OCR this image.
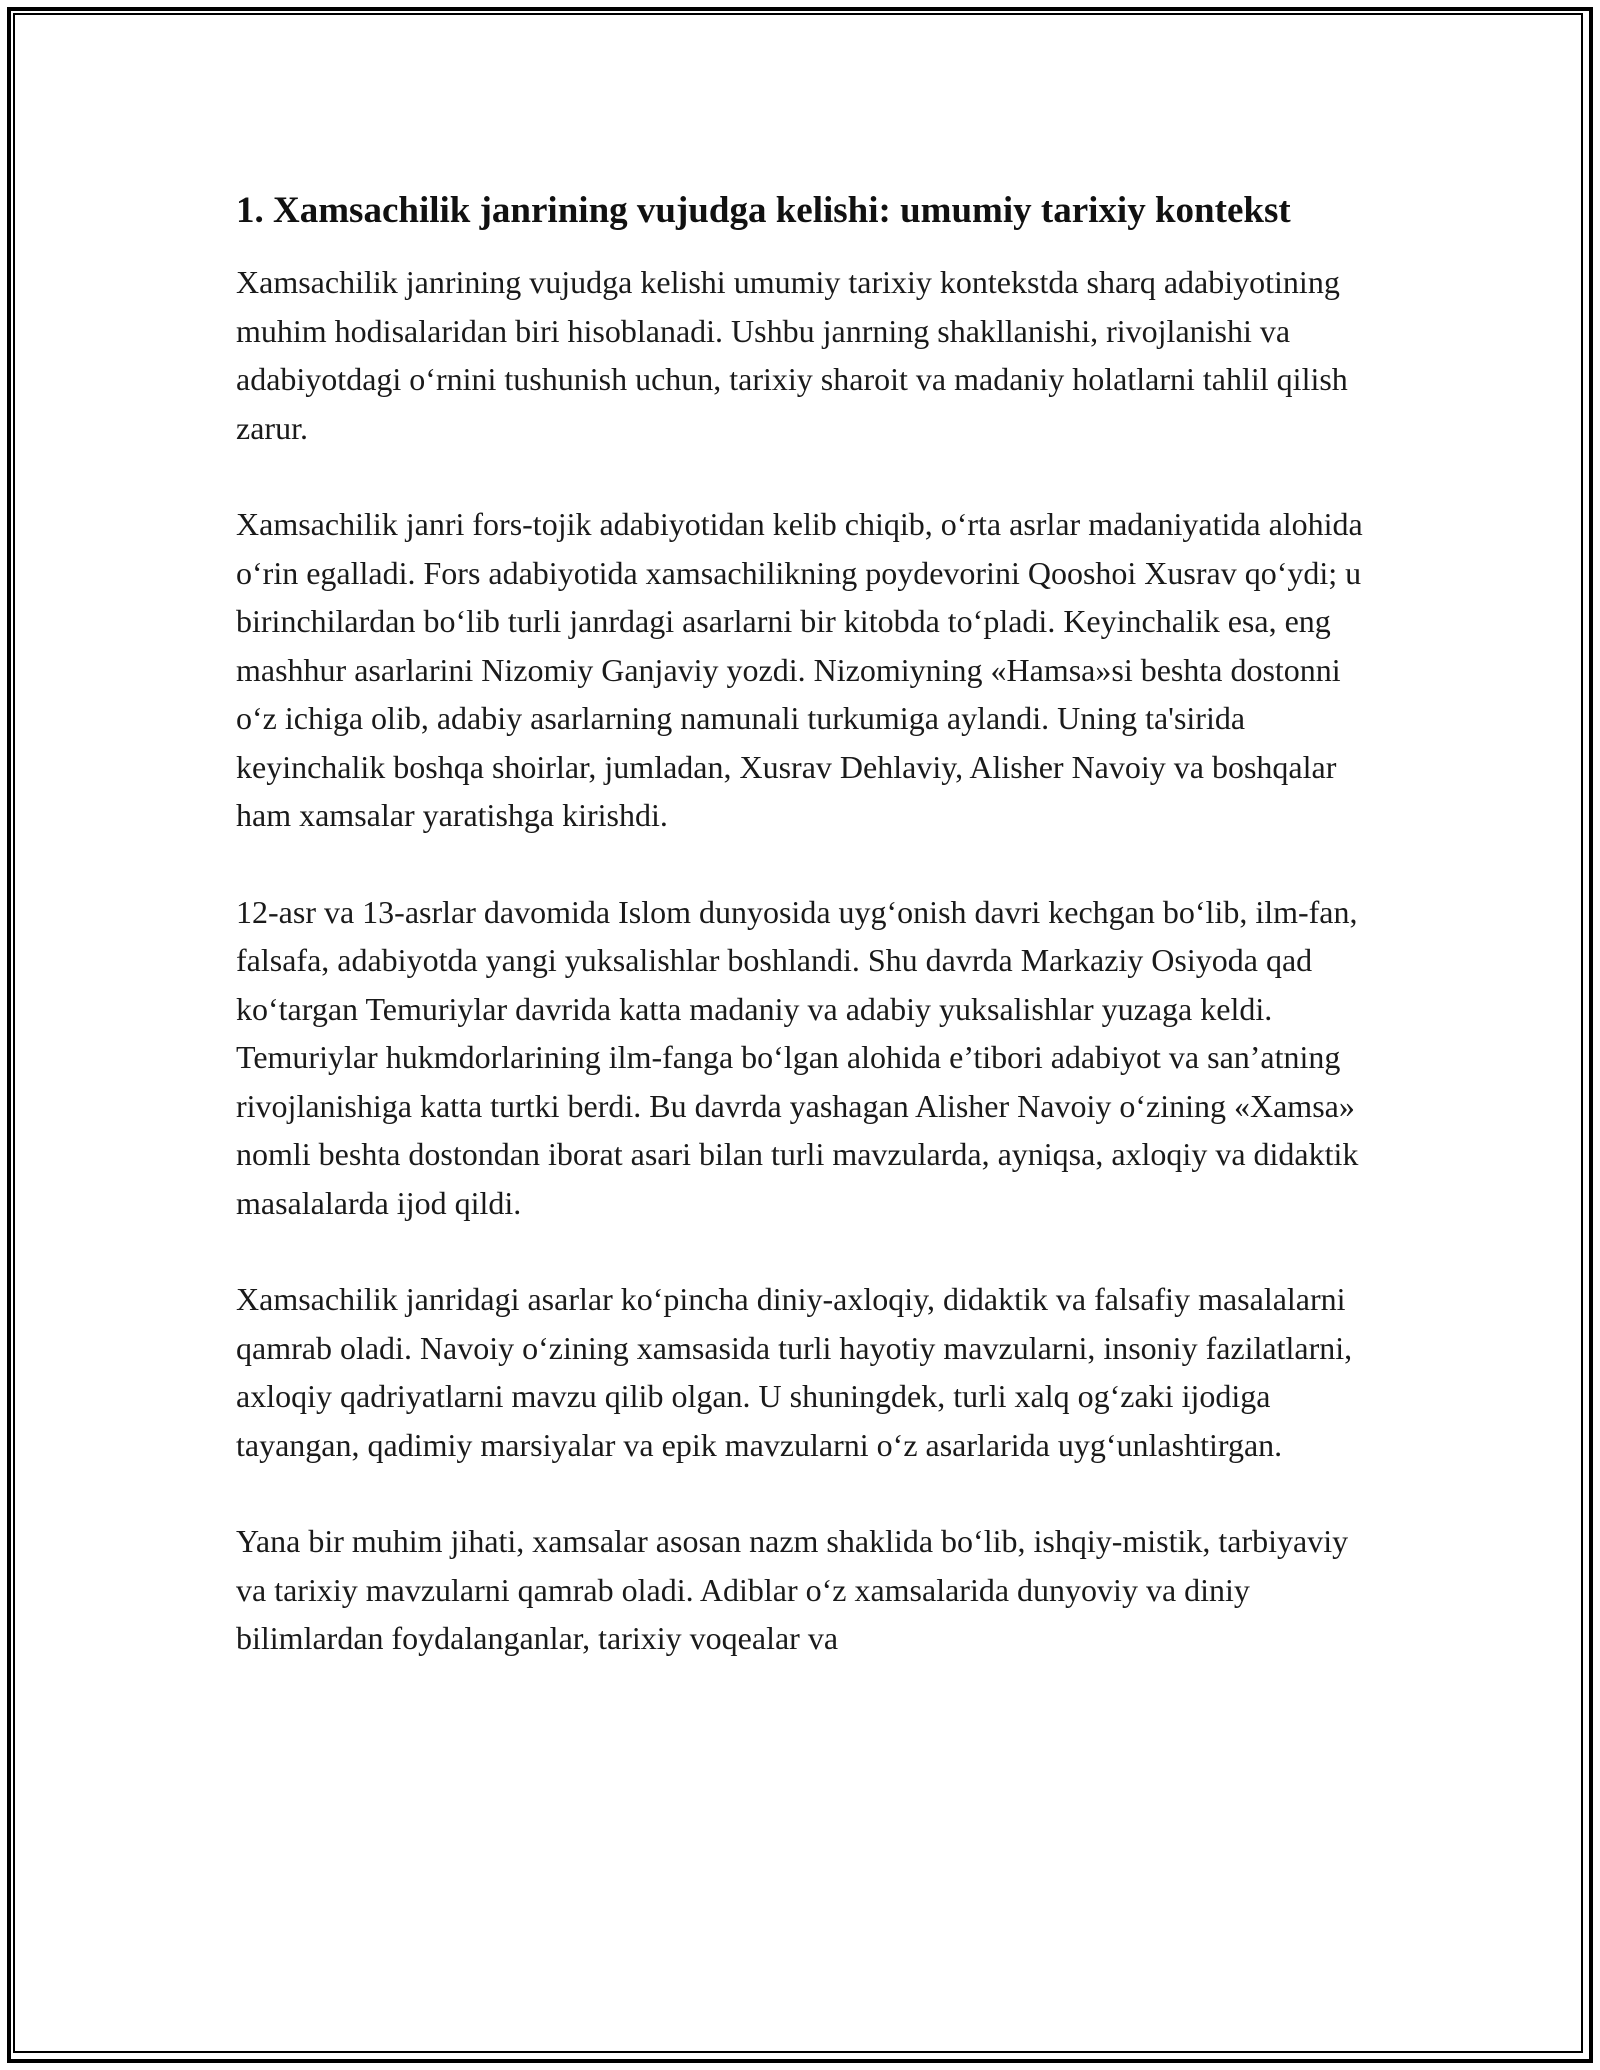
1. Xamsachilik janrining vujudga kelishi: umumiy tarixiy kontekst

Xamsachilik janrining vujudga kelishi umumiy tarixiy kontekstda sharq adabiyotining muhim hodisalaridan biri hisoblanadi. Ushbu janrning shakllanishi, rivojlanishi va adabiyotdagi o‘rnini tushunish uchun, tarixiy sharoit va madaniy holatlarni tahlil qilish zarur.

Xamsachilik janri fors-tojik adabiyotidan kelib chiqib, o‘rta asrlar madaniyatida alohida o‘rin egalladi. Fors adabiyotida xamsachilikning poydevorini Qooshoi Xusrav qo‘ydi; u birinchilardan bo‘lib turli janrdagi asarlarni bir kitobda to‘pladi. Keyinchalik esa, eng mashhur asarlarini Nizomiy Ganjaviy yozdi. Nizomiyning «Hamsa»si beshta dostonni o‘z ichiga olib, adabiy asarlarning namunali turkumiga aylandi. Uning ta'sirida keyinchalik boshqa shoirlar, jumladan, Xusrav Dehlaviy, Alisher Navoiy va boshqalar ham xamsalar yaratishga kirishdi.

12-asr va 13-asrlar davomida Islom dunyosida uyg‘onish davri kechgan bo‘lib, ilm-fan, falsafa, adabiyotda yangi yuksalishlar boshlandi. Shu davrda Markaziy Osiyoda qad ko‘targan Temuriylar davrida katta madaniy va adabiy yuksalishlar yuzaga keldi. Temuriylar hukmdorlarining ilm-fanga bo‘lgan alohida e’tibori adabiyot va san’atning rivojlanishiga katta turtki berdi. Bu davrda yashagan Alisher Navoiy o‘zining «Xamsa» nomli beshta dostondan iborat asari bilan turli mavzularda, ayniqsa, axloqiy va didaktik masalalarda ijod qildi.

Xamsachilik janridagi asarlar ko‘pincha diniy-axloqiy, didaktik va falsafiy masalalarni qamrab oladi. Navoiy o‘zining xamsasida turli hayotiy mavzularni, insoniy fazilatlarni, axloqiy qadriyatlarni mavzu qilib olgan. U shuningdek, turli xalq og‘zaki ijodiga tayangan, qadimiy marsiyalar va epik mavzularni o‘z asarlarida uyg‘unlashtirgan.

Yana bir muhim jihati, xamsalar asosan nazm shaklida bo‘lib, ishqiy-mistik, tarbiyaviy va tarixiy mavzularni qamrab oladi. Adiblar o‘z xamsalarida dunyoviy va diniy bilimlardan foydalanganlar, tarixiy voqealar va
